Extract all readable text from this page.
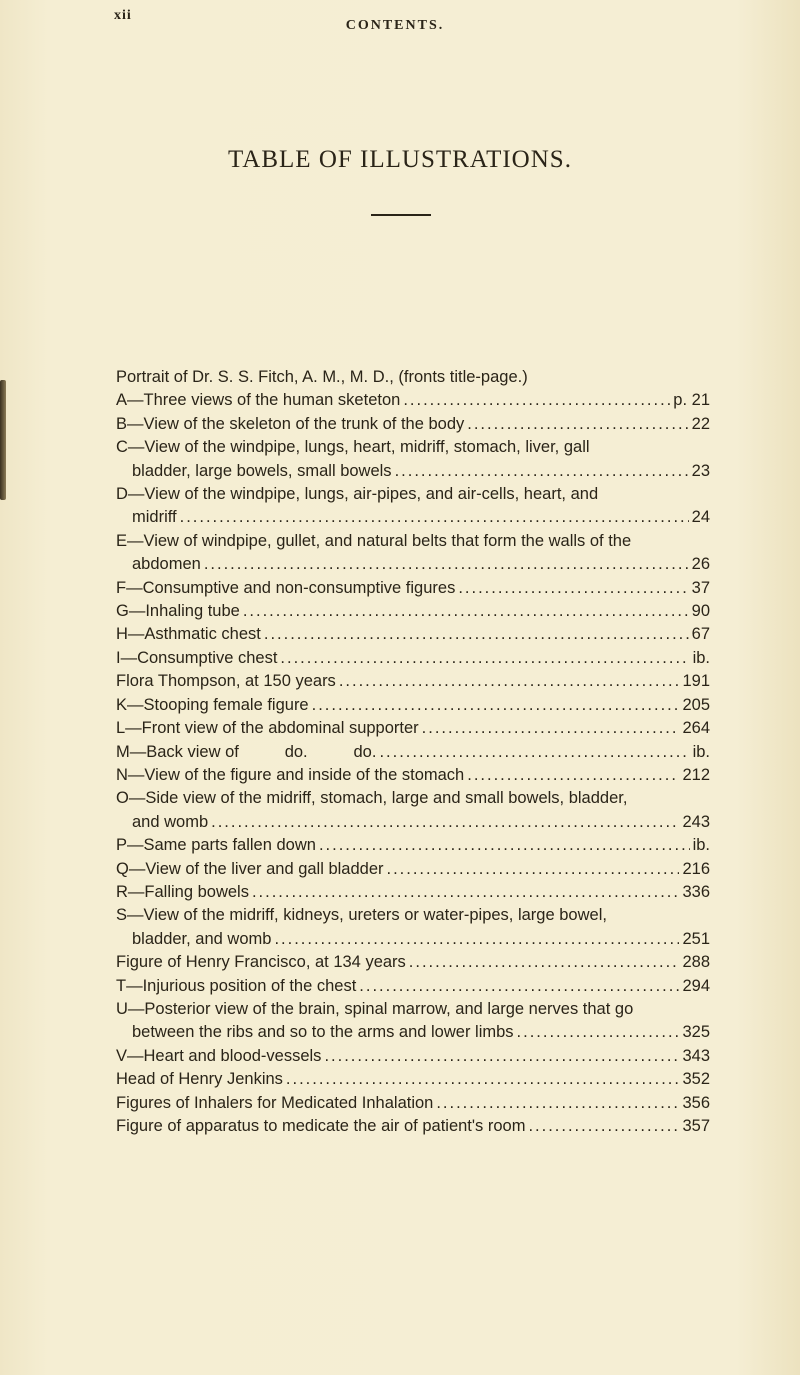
xii
CONTENTS.
TABLE OF ILLUSTRATIONS.
Portrait of Dr. S. S. Fitch, A. M., M. D., (fronts title-page.)
A—Three views of the human sketeton .....	p. 21
B—View of the skeleton of the trunk of the body .....	22
C—View of the windpipe, lungs, heart, midriff, stomach, liver, gall
bladder, large bowels, small bowels .....	23
D—View of the windpipe, lungs, air-pipes, and air-cells, heart, and
midriff .....	24
E—View of windpipe, gullet, and natural belts that form the walls of the
abdomen .....	26
F—Consumptive and non-consumptive figures .....	37
G—Inhaling tube .....	90
H—Asthmatic chest .....	67
I—Consumptive chest .....	ib.
Flora Thompson, at 150 years .....	191
K—Stooping female figure .....	205
L—Front view of the abdominal supporter .....	264
M—Back view of          do.          do. .....	ib.
N—View of the figure and inside of the stomach .....	212
O—Side view of the midriff, stomach, large and small bowels, bladder,
and womb .....	243
P—Same parts fallen down .....	ib.
Q—View of the liver and gall bladder .....	216
R—Falling bowels .....	336
S—View of the midriff, kidneys, ureters or water-pipes, large bowel,
bladder, and womb .....	251
Figure of Henry Francisco, at 134 years .....	288
T—Injurious position of the chest .....	294
U—Posterior view of the brain, spinal marrow, and large nerves that go
between the ribs and so to the arms and lower limbs .....	325
V—Heart and blood-vessels .....	343
Head of Henry Jenkins .....	352
Figures of Inhalers for Medicated Inhalation .....	356
Figure of apparatus to medicate the air of patient's room .....	357
